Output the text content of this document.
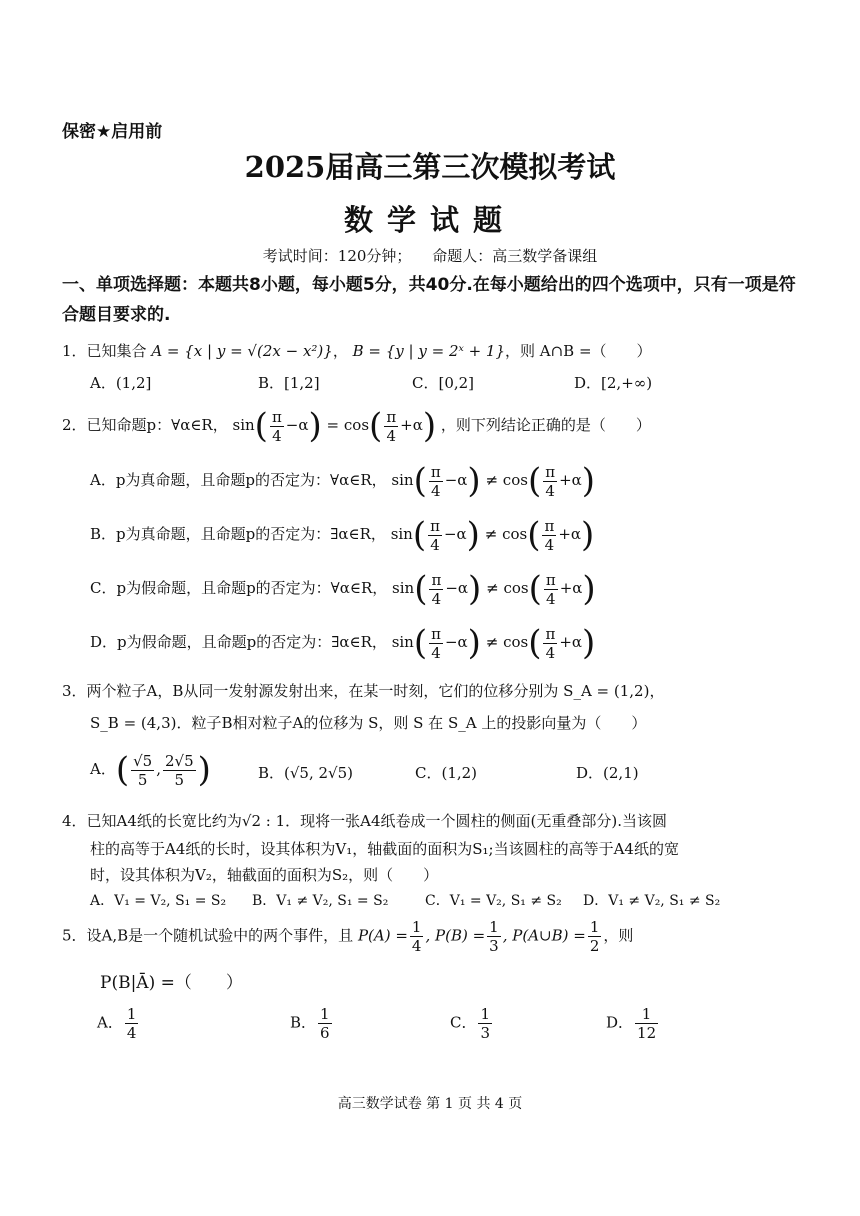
保密★启用前
2025届高三第三次模拟考试
数学试题
考试时间：120分钟； 命题人：高三数学备课组
一、单项选择题：本题共8小题，每小题5分，共40分.在每小题给出的四个选项中，只有一项是符合题目要求的.
1．已知集合 A = {x | y = √(2x − x²)}， B = {y | y = 2ˣ + 1}，则 A∩B =（　　）
A．(1,2]	B．[1,2]	C．[0,2]	D．[2,+∞)
2．已知命题p：∀α∈R， $\sin( \frac{\pi}{4} -\alpha) = \cos( \frac{\pi}{4} +\alpha)$ ，则下列结论正确的是（　　）
A．p为真命题，且命题p的否定为：∀α∈R， $\sin( \frac{\pi}{4} -\alpha) \ne \cos( \frac{\pi}{4} +\alpha)$
B．p为真命题，且命题p的否定为：∃α∈R， $\sin( \frac{\pi}{4} -\alpha) \ne \cos( \frac{\pi}{4} +\alpha)$
C．p为假命题，且命题p的否定为：∀α∈R， $\sin( \frac{\pi}{4} -\alpha) \ne \cos( \frac{\pi}{4} +\alpha)$
D．p为假命题，且命题p的否定为：∃α∈R， $\sin( \frac{\pi}{4} -\alpha) \ne \cos( \frac{\pi}{4} +\alpha)$
3．两个粒子A，B从同一发射源发射出来，在某一时刻，它们的位移分别为 S_A = (1,2)，
S_B = (4,3)．粒子B相对粒子A的位移为 S，则 S 在 S_A 上的投影向量为（　　）
A．( $\frac{√5}{5}$ , $\frac{2√5}{5}$ )	B．(√5, 2√5)	C．(1,2)	D．(2,1)
4．已知A4纸的长宽比约为√2 : 1．现将一张A4纸卷成一个圆柱的侧面(无重叠部分).当该圆
柱的高等于A4纸的长时，设其体积为V₁，轴截面的面积为S₁;当该圆柱的高等于A4纸的宽
时，设其体积为V₂，轴截面的面积为S₂，则（　　）
A．V₁ = V₂, S₁ = S₂ B．V₁ ≠ V₂, S₁ = S₂	C．V₁ = V₂, S₁ ≠ S₂ D．V₁ ≠ V₂, S₁ ≠ S₂
5．设A,B是一个随机试验中的两个事件，且 $P(A) = \frac{1}{4}$ , $P(B) = \frac{1}{3}$ , P(A∪B) = $\frac{1}{2}$ ，则
P(B|Ā) =（　　）
A． $\frac{1}{4}$	B． $\frac{1}{6}$	C． $\frac{1}{3}$	D． $\frac{1}{12}$
高三数学试卷 第 1 页 共 4 页
